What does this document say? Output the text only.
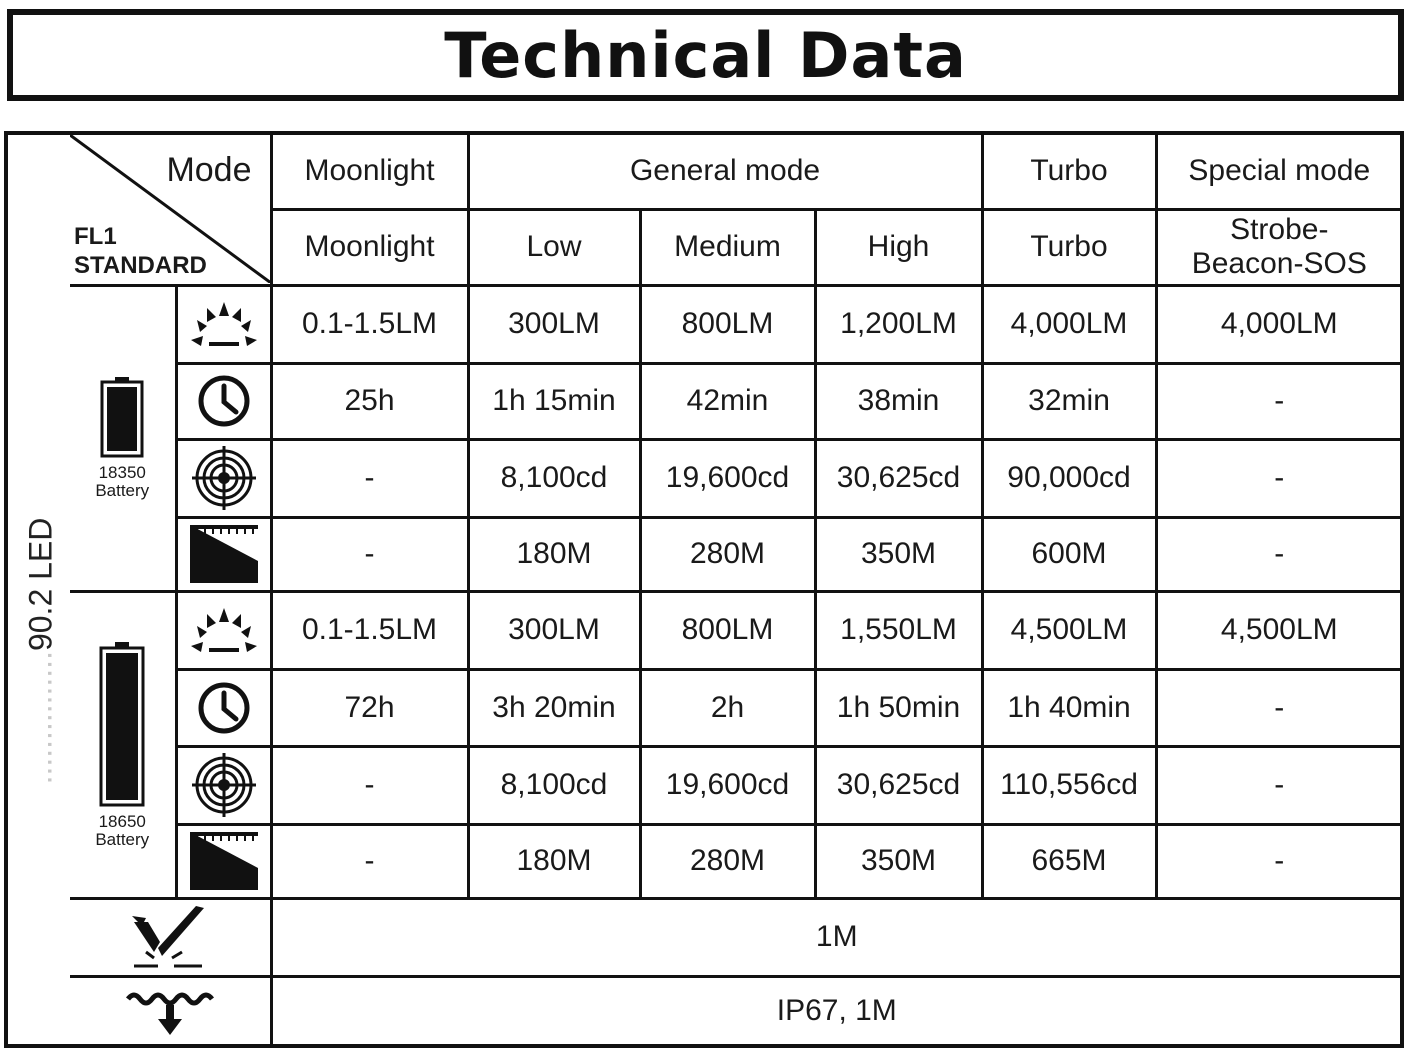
Technical Data
...............90.2 LED
Mode
FL1
STANDARD		Moonlight	General mode			Turbo	Special mode
		Moonlight	Low	Medium	High	Turbo	Strobe-
Beacon-SOS

18350
Battery		0.1-1.5LM	300LM	800LM	1,200LM	4,000LM	4,000LM

	25h	1h 15min	42min	38min	32min	-

	-	8,100cd	19,600cd	30,625cd	90,000cd	-

	-	180M	280M	350M	600M	-

18650
Battery		0.1-1.5LM	300LM	800LM	1,550LM	4,500LM	4,500LM

	72h	3h 20min	2h	1h 50min	1h 40min	-

	-	8,100cd	19,600cd	30,625cd	110,556cd	-

	-	180M	280M	350M	665M	-

	1M					

	IP67, 1M					
